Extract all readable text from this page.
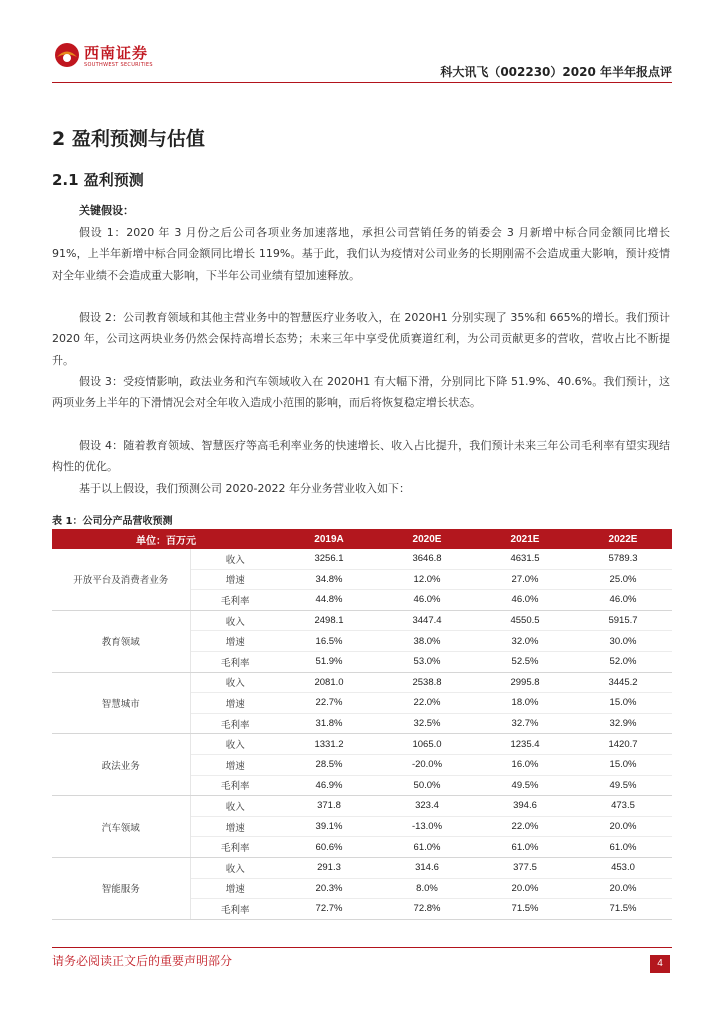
西南证券
SOUTHWEST SECURITIES	科大讯飞（002230）2020 年半年报点评
2 盈利预测与估值
2.1 盈利预测
关键假设：

假设 1：2020 年 3 月份之后公司各项业务加速落地，承担公司营销任务的销委会 3 月新增中标合同金额同比增长 91%，上半年新增中标合同金额同比增长 119%。基于此，我们认为疫情对公司业务的长期刚需不会造成重大影响，预计疫情对全年业绩不会造成重大影响，下半年公司业绩有望加速释放。

假设 2：公司教育领域和其他主营业务中的智慧医疗业务收入，在 2020H1 分别实现了 35%和 665%的增长。我们预计 2020 年，公司这两块业务仍然会保持高增长态势；未来三年中享受优质赛道红利，为公司贡献更多的营收，营收占比不断提升。

假设 3：受疫情影响，政法业务和汽车领域收入在 2020H1 有大幅下滑，分别同比下降 51.9%、40.6%。我们预计，这两项业务上半年的下滑情况会对全年收入造成小范围的影响，而后将恢复稳定增长状态。

假设 4：随着教育领域、智慧医疗等高毛利率业务的快速增长、收入占比提升，我们预计未来三年公司毛利率有望实现结构性的优化。

基于以上假设，我们预测公司 2020-2022 年分业务营业收入如下：

表 1：公司分产品营收预测
单位：百万元		2019A	2020E	2021E	2022E
开放平台及消费者业务	收入	3256.1	3646.8	4631.5	5789.3
	增速	34.8%	12.0%	27.0%	25.0%
	毛利率	44.8%	46.0%	46.0%	46.0%
教育领域	收入	2498.1	3447.4	4550.5	5915.7
	增速	16.5%	38.0%	32.0%	30.0%
	毛利率	51.9%	53.0%	52.5%	52.0%
智慧城市	收入	2081.0	2538.8	2995.8	3445.2
	增速	22.7%	22.0%	18.0%	15.0%
	毛利率	31.8%	32.5%	32.7%	32.9%
政法业务	收入	1331.2	1065.0	1235.4	1420.7
	增速	28.5%	-20.0%	16.0%	15.0%
	毛利率	46.9%	50.0%	49.5%	49.5%
汽车领域	收入	371.8	323.4	394.6	473.5
	增速	39.1%	-13.0%	22.0%	20.0%
	毛利率	60.6%	61.0%	61.0%	61.0%
智能服务	收入	291.3	314.6	377.5	453.0
	增速	20.3%	8.0%	20.0%	20.0%
	毛利率	72.7%	72.8%	71.5%	71.5%
请务必阅读正文后的重要声明部分	4
